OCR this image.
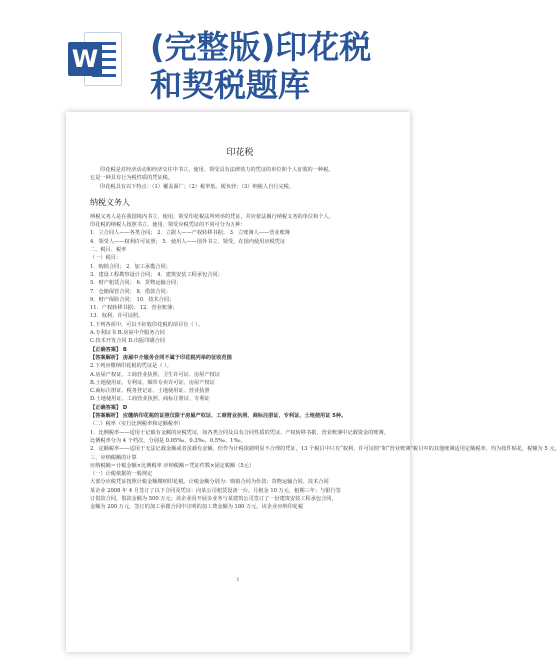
W (完整版)印花税
和契税题库
印花税
印花税是对经济活动和经济交往中书立、使用、领受具有法律效力的凭证的单位和个人征收的一种税。
它是一种具有行为税性质的凭证税。
印花税具有以下特点：（1）覆盖面广；（2）税率低、税负轻；（3）纳税人自行完税。
纳税义务人
纳税义务人是在我国境内书立、使用、领受印花税法所列举的凭证，并应依法履行纳税义务的单位和个人。
印花税的纳税人按照书立、使用、领受应税凭证的不同可分为五种：
1．立合同人——各类合同； 2．立据人——产权转移书据； 3．立账簿人——营业账簿
4．领受人——权利许可证照； 5．使用人——国外书立、领受，在国内使用应税凭证
二、税目、税率
（一）税目：
1．购销合同； 2．加工承揽合同；
3．建设工程勘察设计合同； 4．建筑安装工程承包合同；
5．财产租赁合同； 6．货物运输合同；
7．仓储保管合同； 8．借款合同；
9．财产保险合同； 10．技术合同；
11．产权转移书据； 12．营业账簿；
13．权利、许可证照。
1.下列各项中，可以不征收印花税的项目有（ ）。
A.专利证书 B.房屋中介服务合同
C.技术开发合同 D.出版印刷合同
【正确答案】 B
【答案解析】 房屋中介服务合同不属于印花税列举的征收范围
2.下列应缴纳印花税的凭证是（ ）。
A.房屋产权证、工商营业执照、卫生许可证、房屋产权证
B.土地使用证、专利证、烟草专卖许可证、房屋产权证
C.商标注册证、税务登记证、土地使用证、营业执照
D.土地使用证、工商营业执照、商标注册证、专利证
【正确答案】 D
【答案解析】 应缴纳印花税的证照仅限于房屋产权证、工商营业执照、商标注册证、专利证、土地使用证 5种。
（二）税率（实行比例税率和定额税率）
1．比例税率——适用于记载有金额的应税凭证，如各类合同及具有合同性质的凭证、产权转移书据、营业账簿中记载资金的账簿。
比例税率分为 4 个档次，分别是 0.05‰、0.3‰、0.5‰、1‰。
2．定额税率——适用于无法记载金额或者虽载有金额，但作为计税依据明显不合理的凭证，13 个税目中只有“权利、许可证照”和“营业账簿”税目中的其他账簿适用定额税率，均为按件贴花，税额为 5 元。
三、应纳税额的计算
应纳税额＝计税金额×比例税率 应纳税额＝凭证件数×固定税额（5元）
（一）计税依据的一般规定
大部分应税凭证按照计税金额缴纳印花税。计税金额分别为：购销合同为价款；货物运输合同、技术合同
某企业 2008 年 4 月签订了以下合同及凭证：向某公司租赁设备一台，月租金 10 万元，租期三年；与银行签
订借款合同，借款金额为 500 万元；该企业因开展多业务与某建筑公司签订了一份建筑安装工程承包合同，
金额为 200 万元，签订的加工承揽合同中注明的加工费金额为 180 万元，该企业应纳印花税
1
